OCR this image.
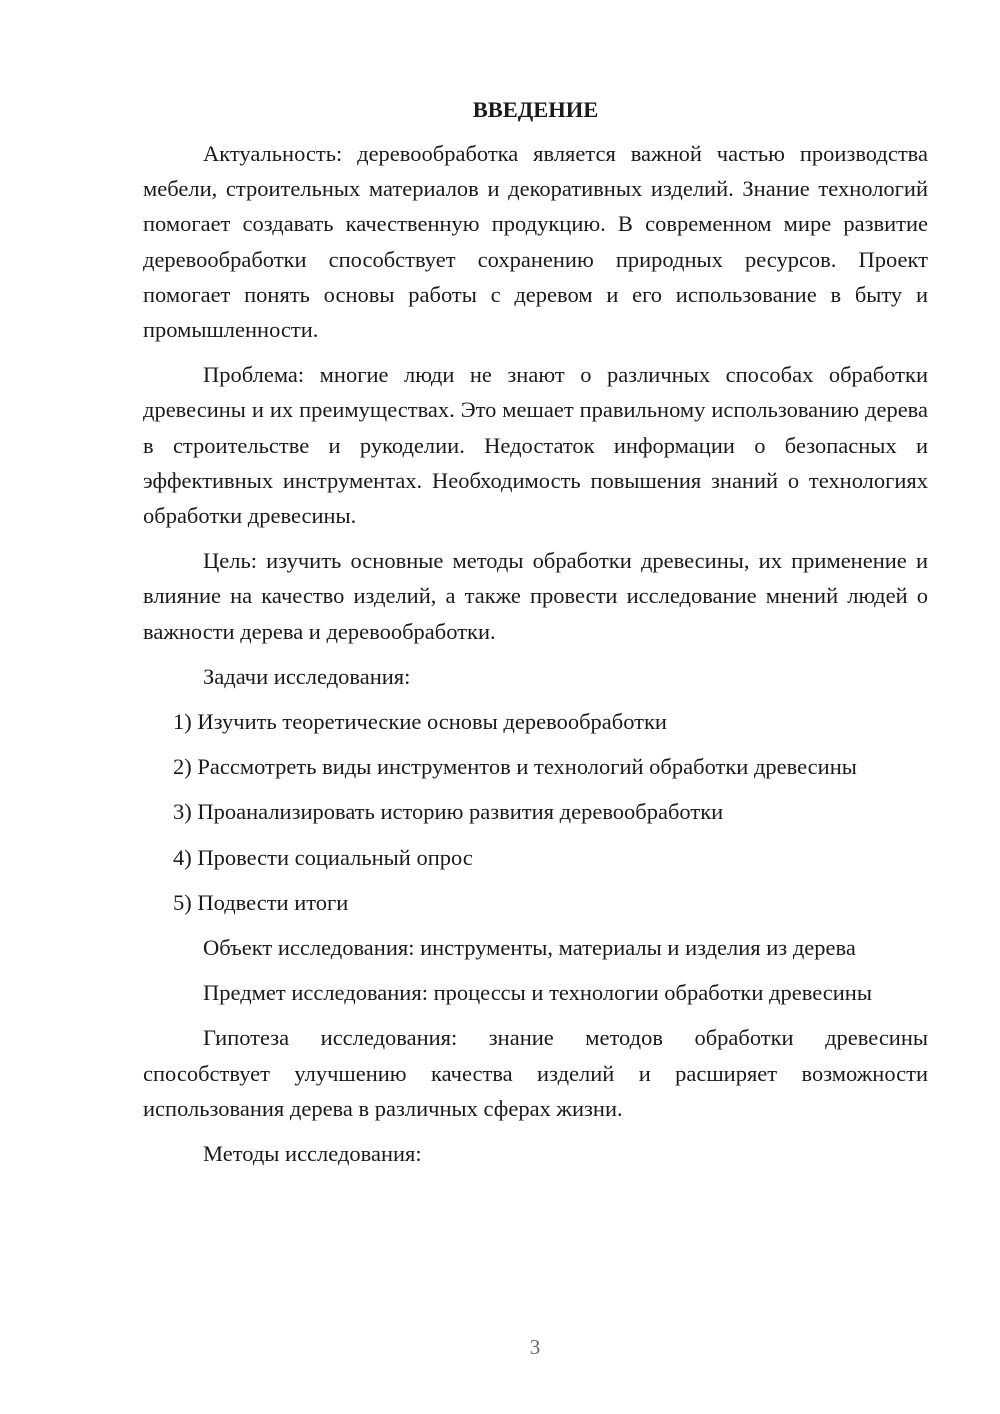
ВВЕДЕНИЕ

Актуальность: деревообработка является важной частью производства мебели, строительных материалов и декоративных изделий. Знание технологий помогает создавать качественную продукцию. В современном мире развитие деревообработки способствует сохранению природных ресурсов. Проект помогает понять основы работы с деревом и его использование в быту и промышленности.

Проблема: многие люди не знают о различных способах обработки древесины и их преимуществах. Это мешает правильному использованию дерева в строительстве и рукоделии. Недостаток информации о безопасных и эффективных инструментах. Необходимость повышения знаний о технологиях обработки древесины.

Цель: изучить основные методы обработки древесины, их применение и влияние на качество изделий, а также провести исследование мнений людей о важности дерева и деревообработки.

Задачи исследования:

1) Изучить теоретические основы деревообработки

2) Рассмотреть виды инструментов и технологий обработки древесины

3) Проанализировать историю развития деревообработки

4) Провести социальный опрос

5) Подвести итоги

Объект исследования: инструменты, материалы и изделия из дерева

Предмет исследования: процессы и технологии обработки древесины

Гипотеза исследования: знание методов обработки древесины способствует улучшению качества изделий и расширяет возможности использования дерева в различных сферах жизни.

Методы исследования:

3
